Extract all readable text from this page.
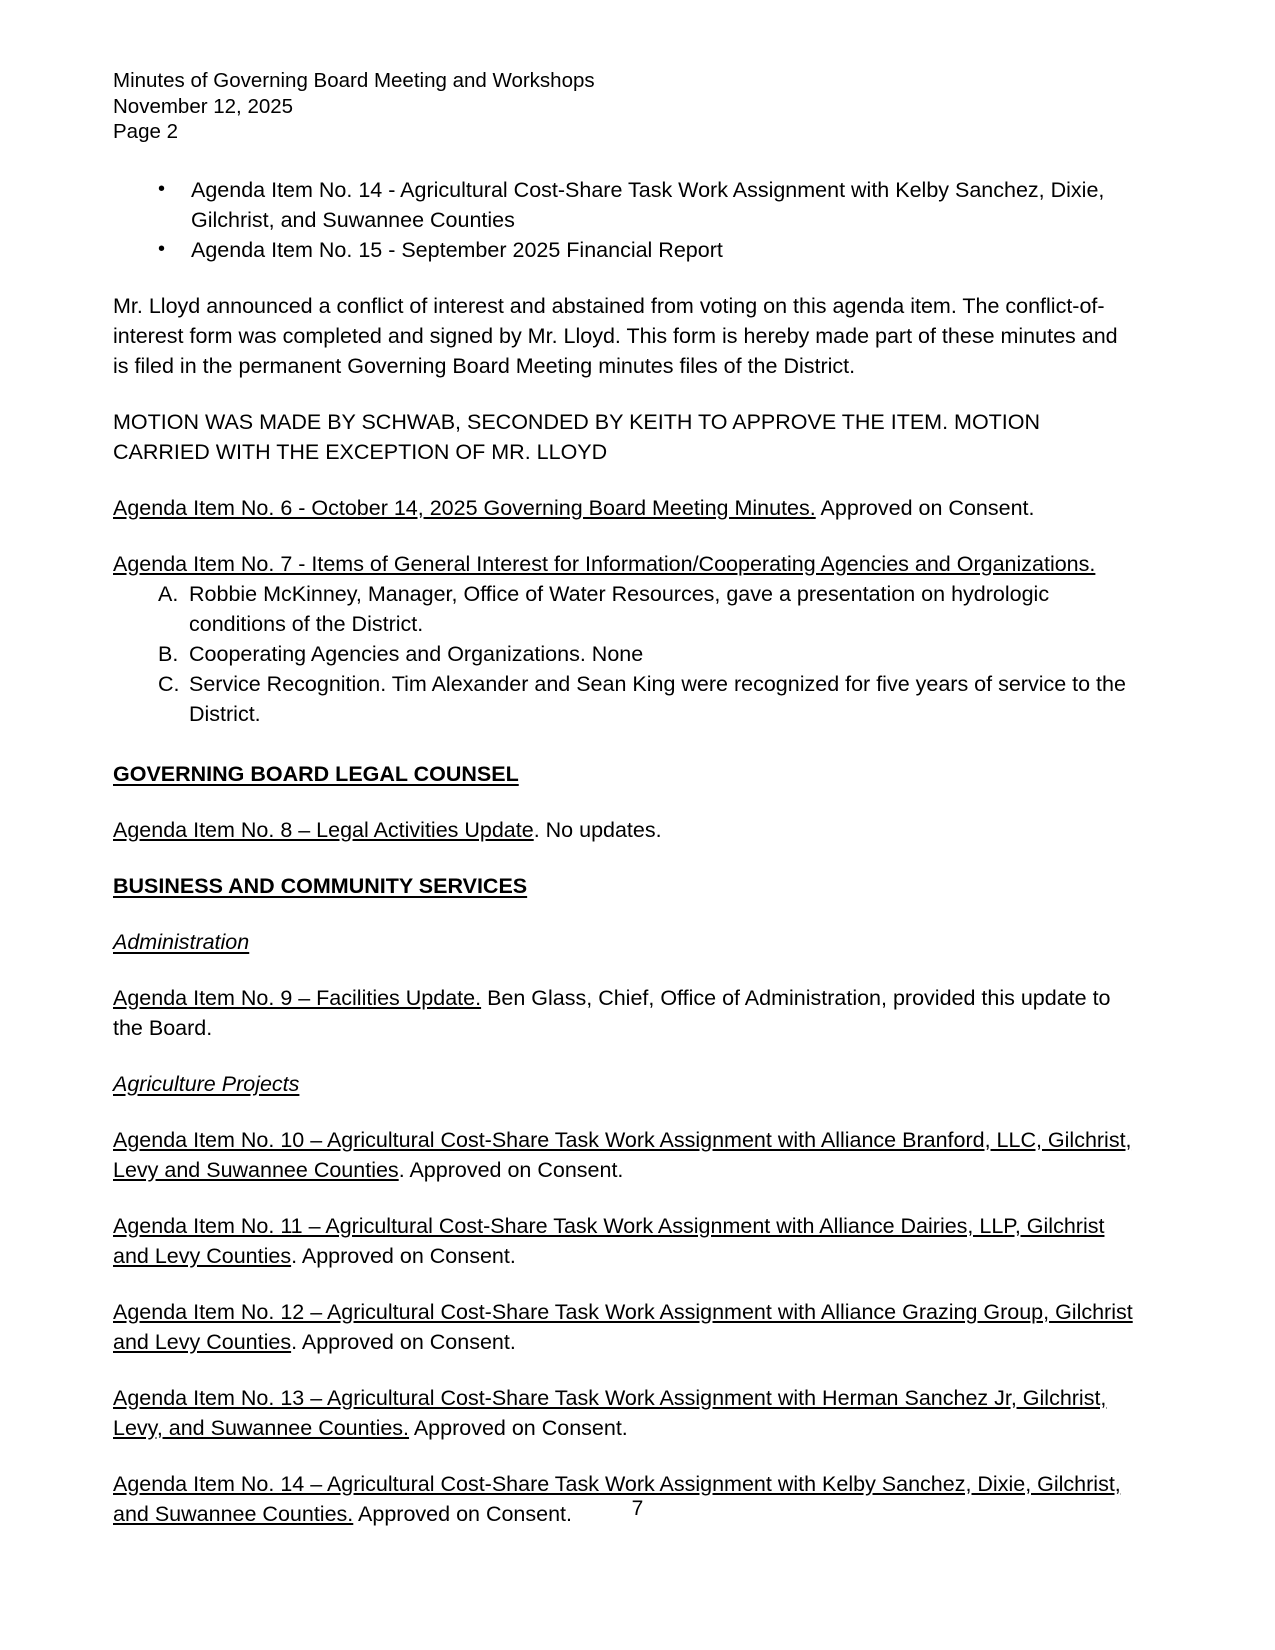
Minutes of Governing Board Meeting and Workshops
November 12, 2025
Page 2
• Agenda Item No. 14 - Agricultural Cost-Share Task Work Assignment with Kelby Sanchez, Dixie, Gilchrist, and Suwannee Counties
• Agenda Item No. 15 - September 2025 Financial Report

Mr. Lloyd announced a conflict of interest and abstained from voting on this agenda item. The conflict-of-interest form was completed and signed by Mr. Lloyd. This form is hereby made part of these minutes and is filed in the permanent Governing Board Meeting minutes files of the District.

MOTION WAS MADE BY SCHWAB, SECONDED BY KEITH TO APPROVE THE ITEM. MOTION CARRIED WITH THE EXCEPTION OF MR. LLOYD

Agenda Item No. 6 - October 14, 2025 Governing Board Meeting Minutes. Approved on Consent.

Agenda Item No. 7 - Items of General Interest for Information/Cooperating Agencies and Organizations.

A. Robbie McKinney, Manager, Office of Water Resources, gave a presentation on hydrologic conditions of the District.
B. Cooperating Agencies and Organizations. None
C. Service Recognition. Tim Alexander and Sean King were recognized for five years of service to the District.
GOVERNING BOARD LEGAL COUNSEL

Agenda Item No. 8 – Legal Activities Update. No updates.

BUSINESS AND COMMUNITY SERVICES
Administration

Agenda Item No. 9 – Facilities Update. Ben Glass, Chief, Office of Administration, provided this update to the Board.

Agriculture Projects

Agenda Item No. 10 – Agricultural Cost-Share Task Work Assignment with Alliance Branford, LLC, Gilchrist, Levy and Suwannee Counties. Approved on Consent.

Agenda Item No. 11 – Agricultural Cost-Share Task Work Assignment with Alliance Dairies, LLP, Gilchrist and Levy Counties. Approved on Consent.

Agenda Item No. 12 – Agricultural Cost-Share Task Work Assignment with Alliance Grazing Group, Gilchrist and Levy Counties. Approved on Consent.

Agenda Item No. 13 – Agricultural Cost-Share Task Work Assignment with Herman Sanchez Jr, Gilchrist, Levy, and Suwannee Counties. Approved on Consent.

Agenda Item No. 14 – Agricultural Cost-Share Task Work Assignment with Kelby Sanchez, Dixie, Gilchrist, and Suwannee Counties. Approved on Consent.	7
